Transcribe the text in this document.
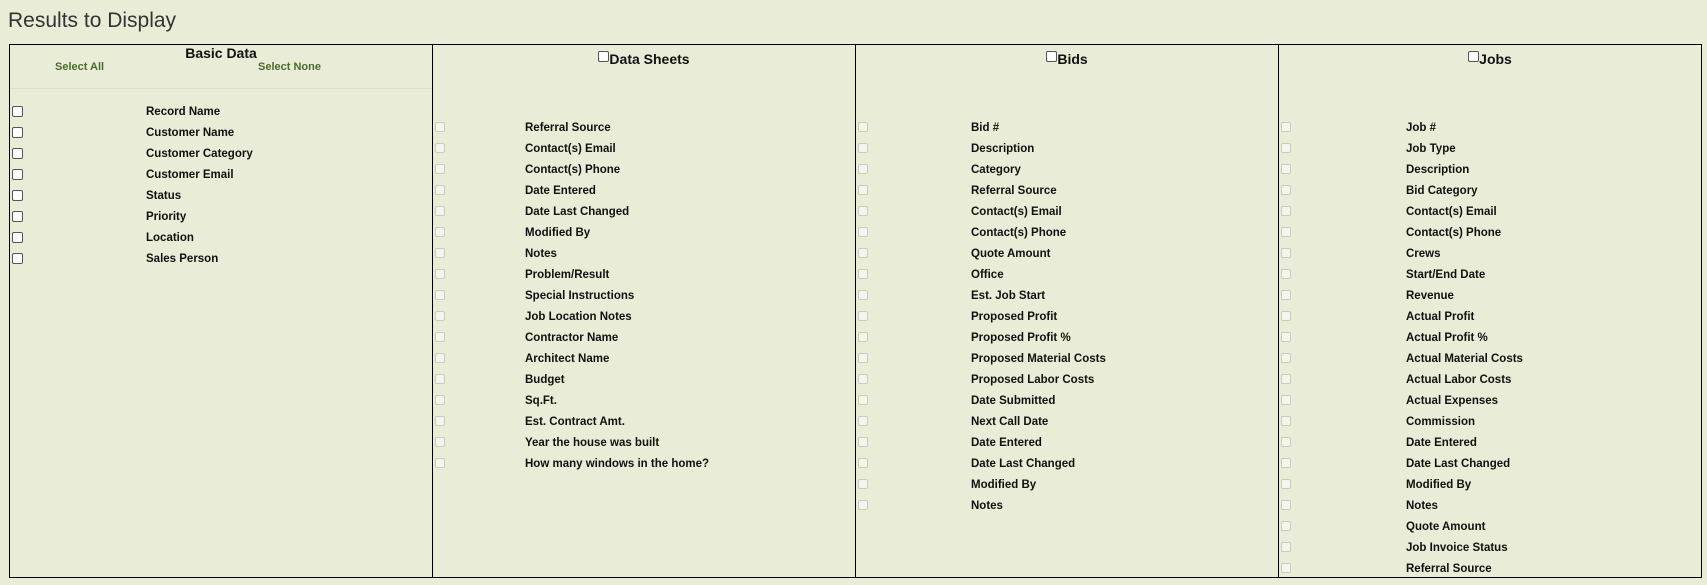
Results to Display
Basic Data
Select All	Select None
Record Name
Customer Name
Customer Category
Customer Email
Status
Priority
Location
Sales Person
Data Sheets
Referral Source
Contact(s) Email
Contact(s) Phone
Date Entered
Date Last Changed
Modified By
Notes
Problem/Result
Special Instructions
Job Location Notes
Contractor Name
Architect Name
Budget
Sq.Ft.
Est. Contract Amt.
Year the house was built
How many windows in the home?
Bids
Bid #
Description
Category
Referral Source
Contact(s) Email
Contact(s) Phone
Quote Amount
Office
Est. Job Start
Proposed Profit
Proposed Profit %
Proposed Material Costs
Proposed Labor Costs
Date Submitted
Next Call Date
Date Entered
Date Last Changed
Modified By
Notes
Jobs
Job #
Job Type
Description
Bid Category
Contact(s) Email
Contact(s) Phone
Crews
Start/End Date
Revenue
Actual Profit
Actual Profit %
Actual Material Costs
Actual Labor Costs
Actual Expenses
Commission
Date Entered
Date Last Changed
Modified By
Notes
Quote Amount
Job Invoice Status
Referral Source
